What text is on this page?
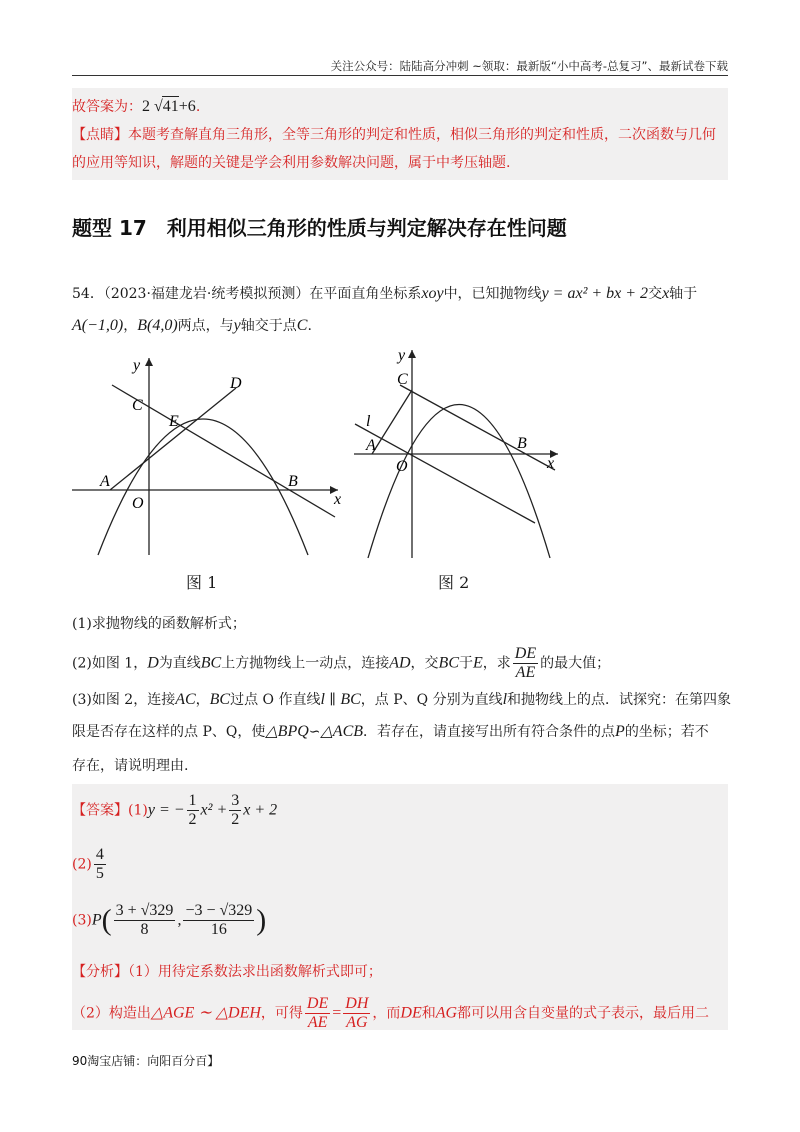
关注公众号：陆陆高分冲刺 ~领取：最新版“小中高考-总复习”、最新试卷下载
故答案为：2√ 41+6.
【点睛】本题考查解直角三角形，全等三角形的判定和性质，相似三角形的判定和性质，二次函数与几何
的应用等知识，解题的关键是学会利用参数解决问题，属于中考压轴题.
题型 17　利用相似三角形的性质与判定解决存在性问题
54．（2023·福建龙岩·统考模拟预测）在平面直角坐标系xoy中，已知抛物线y = ax² + bx + 2交x轴于
A(−1,0)，B(4,0)两点，与y轴交于点C.
y
x
A
O
B
C
D
E
图 1
y
x
A
O
B
C
l
图 2
(1)求抛物线的函数解析式；
(2)如图 1，D为直线BC上方抛物线上一动点，连接AD，交BC于E，求 $\frac{DE}{AE}$ 的最大值；
(3)如图 2，连接AC，BC过点 O 作直线l ∥ BC，点 P、Q 分别为直线l和抛物线上的点．试探究：在第四象
限是否存在这样的点 P、Q，使△BPQ∽△ACB．若存在，请直接写出所有符合条件的点P的坐标；若不
存在，请说明理由.
【答案】(1)y = − $\frac{1}{2} x^2 + \frac{3}{2}$ x + 2
$(2) \frac{4}{5}$
$(3)P( \frac{3 + √329}{8}$ , $\frac{-3 - √329}{16}$ )
【分析】（1）用待定系数法求出函数解析式即可；
（2）构造出△AGE ∼ △DEH，可得 $\frac{DE}{AE} = \frac{DH}{AG}$ ，而DE和AG都可以用含自变量的式子表示，最后用二
90淘宝店铺：向阳百分百】
